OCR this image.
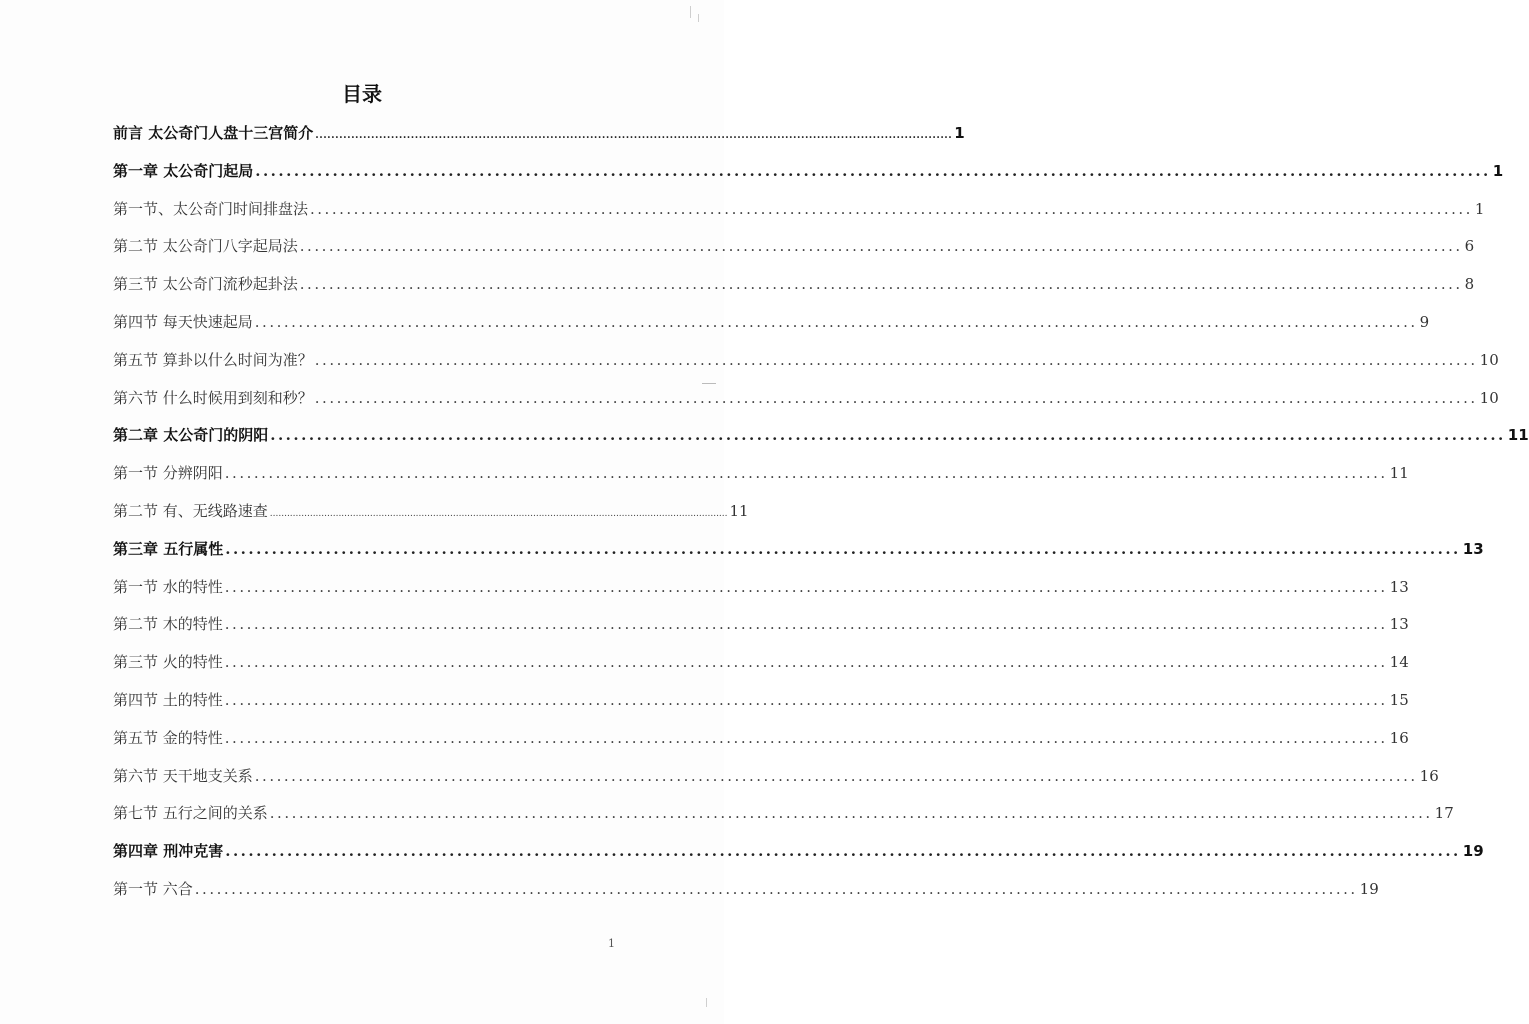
目录
前言 太公奇门人盘十三宫简介 ................................................................................................................................................................ 1
第一章 太公奇门起局 ................................................................................................................................................................ 1
第一节、太公奇门时间排盘法 ................................................................................................................................................................ 1
第二节 太公奇门八字起局法 ................................................................................................................................................................ 6
第三节 太公奇门流秒起卦法 ................................................................................................................................................................ 8
第四节 每天快速起局 ................................................................................................................................................................ 9
第五节 算卦以什么时间为准？ ................................................................................................................................................................ 10
第六节 什么时候用到刻和秒？ ................................................................................................................................................................ 10
第二章 太公奇门的阴阳 ................................................................................................................................................................ 11
第一节 分辨阴阳 ................................................................................................................................................................ 11
第二节 有、无线路速查 ................................................................................................................................................................ 11
第三章 五行属性 ................................................................................................................................................................ 13
第一节 水的特性 ................................................................................................................................................................ 13
第二节 木的特性 ................................................................................................................................................................ 13
第三节 火的特性 ................................................................................................................................................................ 14
第四节 土的特性 ................................................................................................................................................................ 15
第五节 金的特性 ................................................................................................................................................................ 16
第六节 天干地支关系 ................................................................................................................................................................ 16
第七节 五行之间的关系 ................................................................................................................................................................ 17
第四章 刑冲克害 ................................................................................................................................................................ 19
第一节 六合 ................................................................................................................................................................ 19
1
